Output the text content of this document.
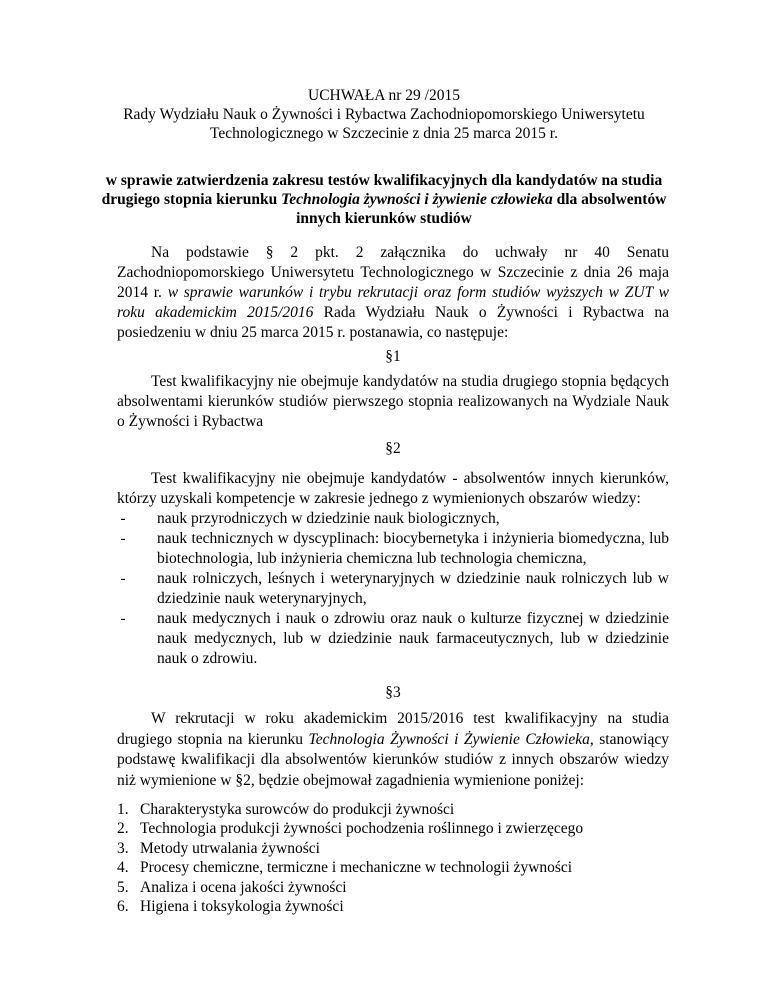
UCHWAŁA nr 29 /2015
Rady Wydziału Nauk o Żywności i Rybactwa Zachodniopomorskiego Uniwersytetu
Technologicznego w Szczecinie z dnia 25 marca 2015 r.
w sprawie zatwierdzenia zakresu testów kwalifikacyjnych dla kandydatów na studia
drugiego stopnia kierunku Technologia żywności i żywienie człowieka dla absolwentów
innych kierunków studiów

Na podstawie § 2 pkt. 2 załącznika do uchwały nr 40 Senatu Zachodniopomorskiego Uniwersytetu Technologicznego w Szczecinie z dnia 26 maja 2014 r. w sprawie warunków i trybu rekrutacji oraz form studiów wyższych w ZUT w roku akademickim 2015/2016 Rada Wydziału Nauk o Żywności i Rybactwa na posiedzeniu w dniu 25 marca 2015 r. postanawia, co następuje:

§1

Test kwalifikacyjny nie obejmuje kandydatów na studia drugiego stopnia będących absolwentami kierunków studiów pierwszego stopnia realizowanych na Wydziale Nauk o Żywności i Rybactwa

§2

Test kwalifikacyjny nie obejmuje kandydatów - absolwentów innych kierunków, którzy uzyskali kompetencje w zakresie jednego z wymienionych obszarów wiedzy:

- nauk przyrodniczych w dziedzinie nauk biologicznych,
- nauk technicznych w dyscyplinach: biocybernetyka i inżynieria biomedyczna, lub biotechnologia, lub inżynieria chemiczna lub technologia chemiczna,
- nauk rolniczych, leśnych i weterynaryjnych w dziedzinie nauk rolniczych lub w dziedzinie nauk weterynaryjnych,
- nauk medycznych i nauk o zdrowiu oraz nauk o kulturze fizycznej w dziedzinie nauk medycznych, lub w dziedzinie nauk farmaceutycznych, lub w dziedzinie nauk o zdrowiu.
§3

W rekrutacji w roku akademickim 2015/2016 test kwalifikacyjny na studia drugiego stopnia na kierunku Technologia Żywności i Żywienie Człowieka, stanowiący podstawę kwalifikacji dla absolwentów kierunków studiów z innych obszarów wiedzy niż wymienione w §2, będzie obejmował zagadnienia wymienione poniżej:

1. Charakterystyka surowców do produkcji żywności
2. Technologia produkcji żywności pochodzenia roślinnego i zwierzęcego
3. Metody utrwalania żywności
4. Procesy chemiczne, termiczne i mechaniczne w technologii żywności
5. Analiza i ocena jakości żywności
6. Higiena i toksykologia żywności
